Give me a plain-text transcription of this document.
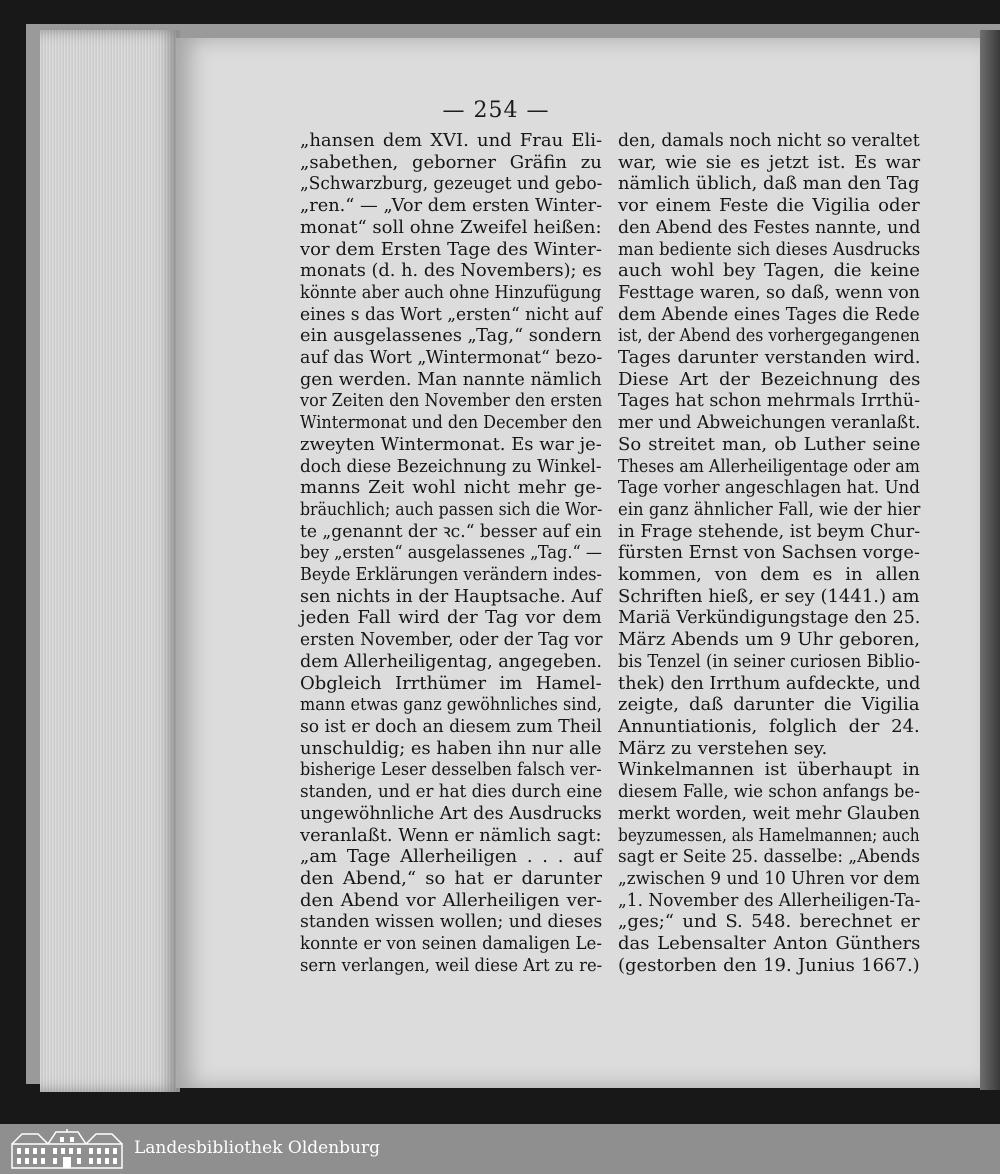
— 254 —
„hansen dem XVI. und Frau Eli-
„sabethen, geborner Gräfin zu
„Schwarzburg, gezeuget und gebo-
„ren.“ — „Vor dem ersten Winter-
monat“ soll ohne Zweifel heißen:
vor dem Ersten Tage des Winter-
monats (d. h. des Novembers); es
könnte aber auch ohne Hinzufügung
eines s das Wort „ersten“ nicht auf
ein ausgelassenes „Tag,“ sondern
auf das Wort „Wintermonat“ bezo-
gen werden. Man nannte nämlich
vor Zeiten den November den ersten
Wintermonat und den December den
zweyten Wintermonat. Es war je-
doch diese Bezeichnung zu Winkel-
manns Zeit wohl nicht mehr ge-
bräuchlich; auch passen sich die Wor-
te „genannt der ꝛc.“ besser auf ein
bey „ersten“ ausgelassenes „Tag.“ —
Beyde Erklärungen verändern indes-
sen nichts in der Hauptsache. Auf
jeden Fall wird der Tag vor dem
ersten November, oder der Tag vor
dem Allerheiligentag, angegeben.
Obgleich Irrthümer im Hamel-
mann etwas ganz gewöhnliches sind,
so ist er doch an diesem zum Theil
unschuldig; es haben ihn nur alle
bisherige Leser desselben falsch ver-
standen, und er hat dies durch eine
ungewöhnliche Art des Ausdrucks
veranlaßt. Wenn er nämlich sagt:
„am Tage Allerheiligen . . . auf
den Abend,“ so hat er darunter
den Abend vor Allerheiligen ver-
standen wissen wollen; und dieses
konnte er von seinen damaligen Le-
sern verlangen, weil diese Art zu re-
den, damals noch nicht so veraltet
war, wie sie es jetzt ist. Es war
nämlich üblich, daß man den Tag
vor einem Feste die Vigilia oder
den Abend des Festes nannte, und
man bediente sich dieses Ausdrucks
auch wohl bey Tagen, die keine
Festtage waren, so daß, wenn von
dem Abende eines Tages die Rede
ist, der Abend des vorhergegangenen
Tages darunter verstanden wird.
Diese Art der Bezeichnung des
Tages hat schon mehrmals Irrthü-
mer und Abweichungen veranlaßt.
So streitet man, ob Luther seine
Theses am Allerheiligentage oder am
Tage vorher angeschlagen hat. Und
ein ganz ähnlicher Fall, wie der hier
in Frage stehende, ist beym Chur-
fürsten Ernst von Sachsen vorge-
kommen, von dem es in allen
Schriften hieß, er sey (1441.) am
Mariä Verkündigungstage den 25.
März Abends um 9 Uhr geboren,
bis Tenzel (in seiner curiosen Biblio-
thek) den Irrthum aufdeckte, und
zeigte, daß darunter die Vigilia
Annuntiationis, folglich der 24.
März zu verstehen sey.
Winkelmannen ist überhaupt in
diesem Falle, wie schon anfangs be-
merkt worden, weit mehr Glauben
beyzumessen, als Hamelmannen; auch
sagt er Seite 25. dasselbe: „Abends
„zwischen 9 und 10 Uhren vor dem
„1. November des Allerheiligen-Ta-
„ges;“ und S. 548. berechnet er
das Lebensalter Anton Günthers
(gestorben den 19. Junius 1667.)
Landesbibliothek Oldenburg
